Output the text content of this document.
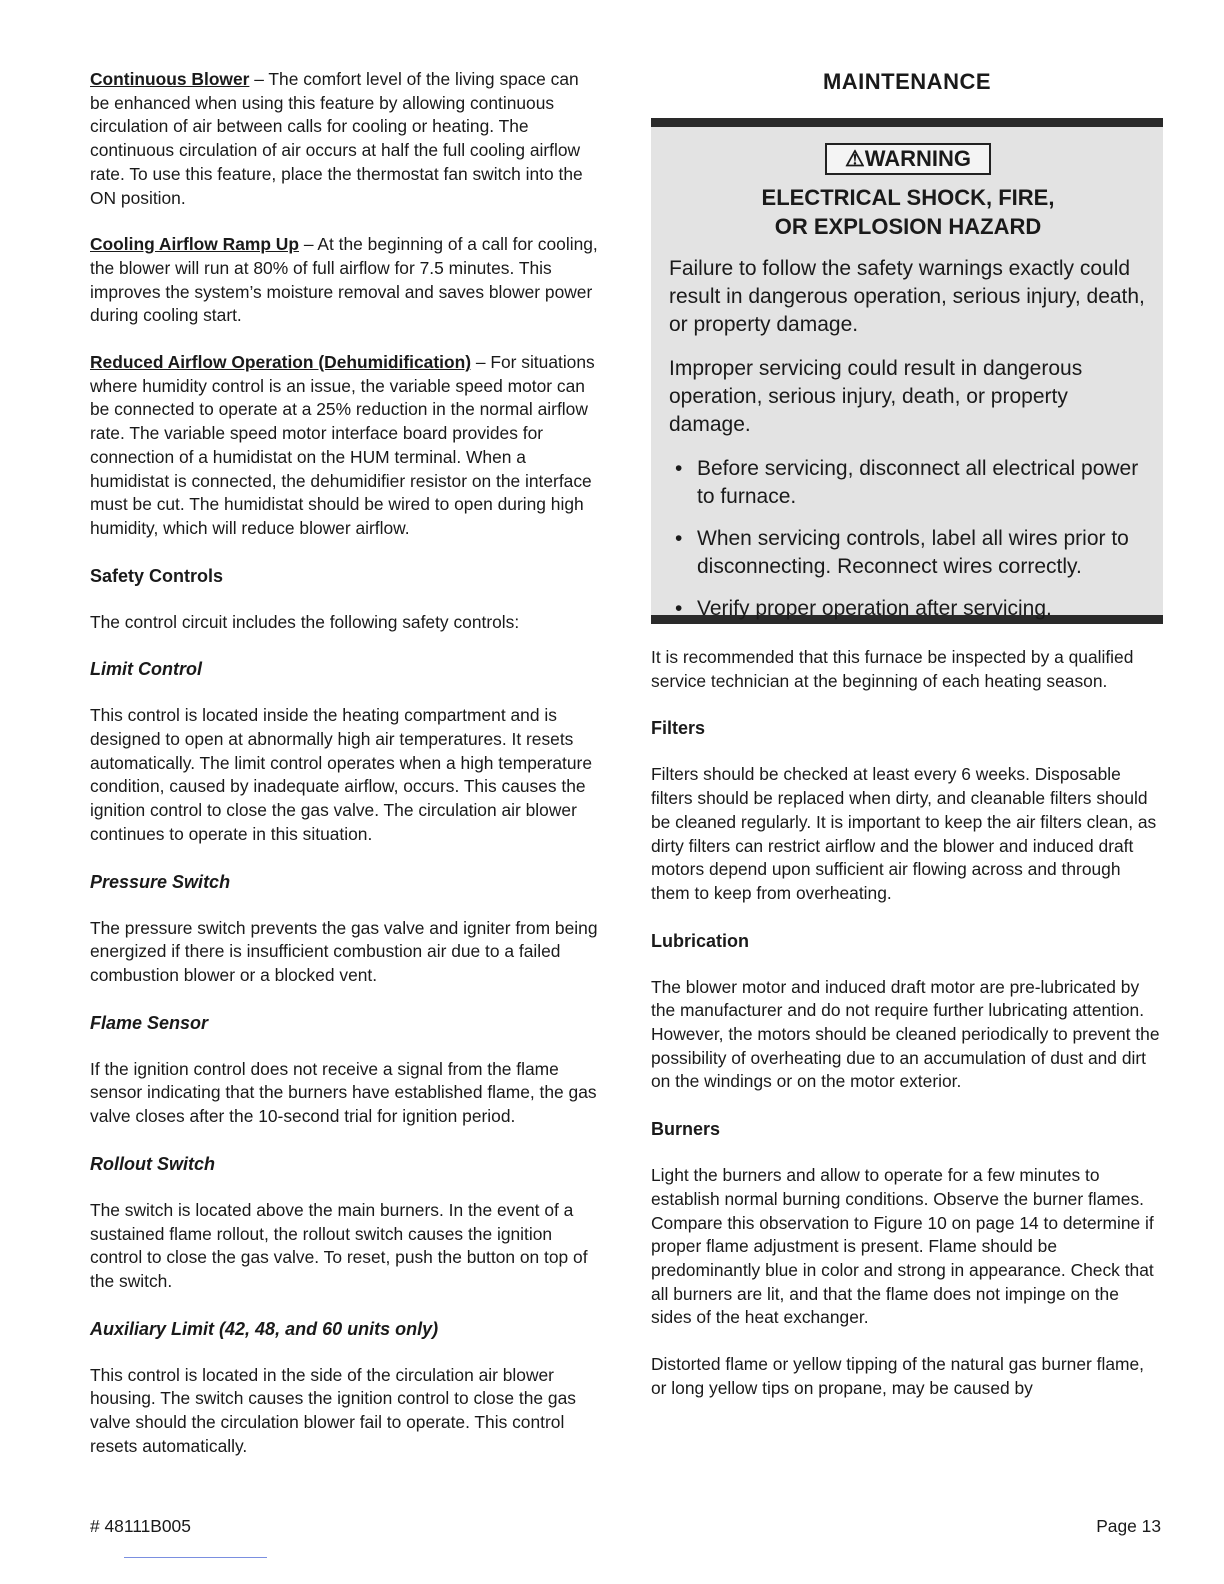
Continuous Blower – The comfort level of the living space can be enhanced when using this feature by allowing continuous circulation of air between calls for cooling or heating. The continuous circulation of air occurs at half the full cooling airflow rate. To use this feature, place the thermostat fan switch into the ON position.

Cooling Airflow Ramp Up – At the beginning of a call for cooling, the blower will run at 80% of full airflow for 7.5 minutes. This improves the system’s moisture removal and saves blower power during cooling start.

Reduced Airflow Operation (Dehumidification) – For situations where humidity control is an issue, the variable speed motor can be connected to operate at a 25% reduction in the normal airflow rate. The variable speed motor interface board provides for connection of a humidistat on the HUM terminal. When a humidistat is connected, the dehumidifier resistor on the interface must be cut. The humidistat should be wired to open during high humidity, which will reduce blower airflow.

Safety Controls

The control circuit includes the following safety controls:

Limit Control

This control is located inside the heating compartment and is designed to open at abnormally high air temperatures. It resets automatically. The limit control operates when a high temperature condition, caused by inadequate airflow, occurs. This causes the ignition control to close the gas valve. The circulation air blower continues to operate in this situation.

Pressure Switch

The pressure switch prevents the gas valve and igniter from being energized if there is insufficient combustion air due to a failed combustion blower or a blocked vent.

Flame Sensor

If the ignition control does not receive a signal from the flame sensor indicating that the burners have established flame, the gas valve closes after the 10-second trial for ignition period.

Rollout Switch

The switch is located above the main burners. In the event of a sustained flame rollout, the rollout switch causes the ignition control to close the gas valve. To reset, push the button on top of the switch.

Auxiliary Limit (42, 48, and 60 units only)

This control is located in the side of the circulation air blower housing. The switch causes the ignition control to close the gas valve should the circulation blower fail to operate. This control resets automatically.

MAINTENANCE
⚠WARNING
ELECTRICAL SHOCK, FIRE,
OR EXPLOSION HAZARD

Failure to follow the safety warnings exactly could result in dangerous operation, serious injury, death, or property damage.

Improper servicing could result in dangerous operation, serious injury, death, or property damage.

• Before servicing, disconnect all electrical power to furnace.
• When servicing controls, label all wires prior to disconnecting. Reconnect wires correctly.
• Verify proper operation after servicing.

It is recommended that this furnace be inspected by a qualified service technician at the beginning of each heating season.

Filters

Filters should be checked at least every 6 weeks. Disposable filters should be replaced when dirty, and cleanable filters should be cleaned regularly. It is important to keep the air filters clean, as dirty filters can restrict airflow and the blower and induced draft motors depend upon sufficient air flowing across and through them to keep from overheating.

Lubrication

The blower motor and induced draft motor are pre-lubricated by the manufacturer and do not require further lubricating attention. However, the motors should be cleaned periodically to prevent the possibility of overheating due to an accumulation of dust and dirt on the windings or on the motor exterior.

Burners

Light the burners and allow to operate for a few minutes to establish normal burning conditions. Observe the burner flames. Compare this observation to Figure 10 on page 14 to determine if proper flame adjustment is present. Flame should be predominantly blue in color and strong in appearance. Check that all burners are lit, and that the flame does not impinge on the sides of the heat exchanger.

Distorted flame or yellow tipping of the natural gas burner flame, or long yellow tips on propane, may be caused by

# 48111B005	Page 13
